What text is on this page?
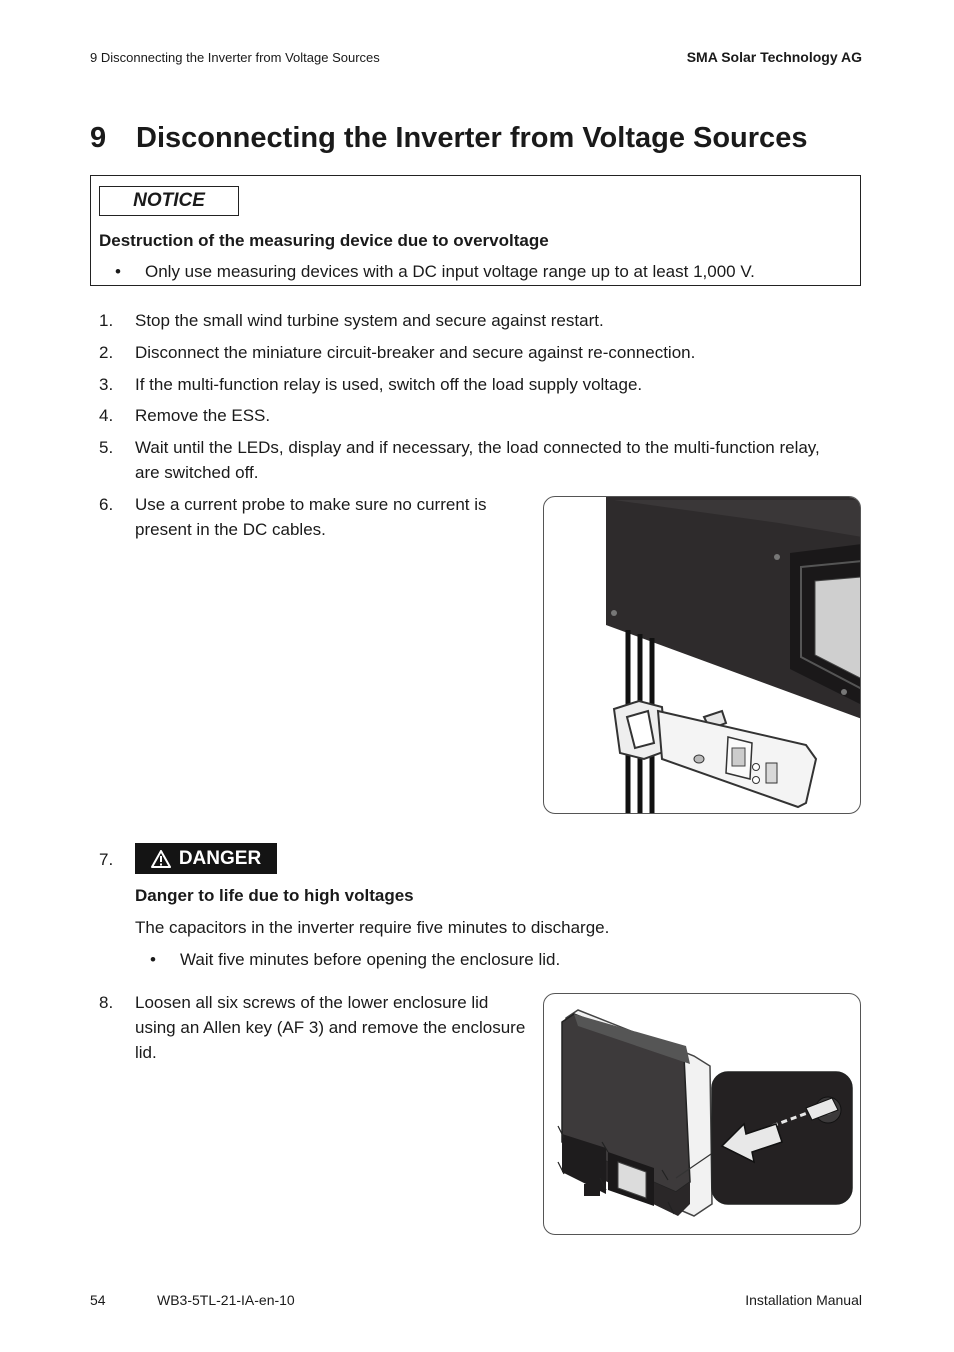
9 Disconnecting the Inverter from Voltage Sources	SMA Solar Technology AG
9 Disconnecting the Inverter from Voltage Sources
NOTICE
Destruction of the measuring device due to overvoltage
• Only use measuring devices with a DC input voltage range up to at least 1,000 V.
1.	Stop the small wind turbine system and secure against restart.
2.	Disconnect the miniature circuit-breaker and secure against re-connection.
3.	If the multi-function relay is used, switch off the load supply voltage.
4.	Remove the ESS.
5.	Wait until the LEDs, display and if necessary, the load connected to the multi-function relay,
are switched off.
6.	Use a current probe to make sure no current is
present in the DC cables.
7.	DANGER
Danger to life due to high voltages
The capacitors in the inverter require five minutes to discharge.
• Wait five minutes before opening the enclosure lid.
8.	Loosen all six screws of the lower enclosure lid
using an Allen key (AF 3) and remove the enclosure
lid.
54	WB3-5TL-21-IA-en-10	Installation Manual
